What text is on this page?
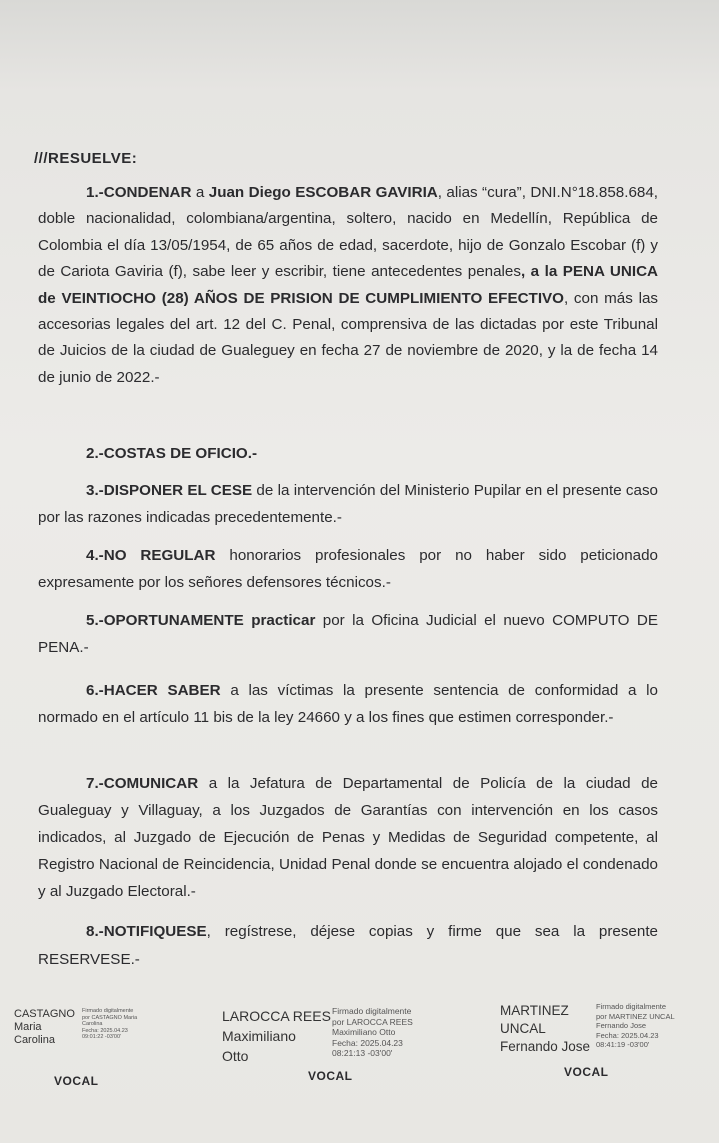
///RESUELVE:
1.-CONDENAR a Juan Diego ESCOBAR GAVIRIA, alias “cura”, DNI.N°18.858.684, doble nacionalidad, colombiana/argentina, soltero, nacido en Medellín, República de Colombia el día 13/05/1954, de 65 años de edad, sacerdote, hijo de Gonzalo Escobar (f) y de Cariota Gaviria (f), sabe leer y escribir, tiene antecedentes penales, a la PENA UNICA de VEINTIOCHO (28) AÑOS DE PRISION DE CUMPLIMIENTO EFECTIVO, con más las accesorias legales del art. 12 del C. Penal, comprensiva de las dictadas por este Tribunal de Juicios de la ciudad de Gualeguey en fecha 27 de noviembre de 2020, y la de fecha 14 de junio de 2022.-
2.-COSTAS DE OFICIO.-
3.-DISPONER EL CESE de la intervención del Ministerio Pupilar en el presente caso por las razones indicadas precedentemente.-
4.-NO REGULAR honorarios profesionales por no haber sido peticionado expresamente por los señores defensores técnicos.-
5.-OPORTUNAMENTE practicar por la Oficina Judicial el nuevo COMPUTO DE PENA.-
6.-HACER SABER a las víctimas la presente sentencia de conformidad a lo normado en el artículo 11 bis de la ley 24660 y a los fines que estimen corresponder.-
7.-COMUNICAR a la Jefatura de Departamental de Policía de la ciudad de Gualeguay y Villaguay, a los Juzgados de Garantías con intervención en los casos indicados, al Juzgado de Ejecución de Penas y Medidas de Seguridad competente, al Registro Nacional de Reincidencia, Unidad Penal donde se encuentra alojado el condenado y al Juzgado Electoral.-
8.-NOTIFIQUESE, regístrese, déjese copias y firme que sea la presente RESERVESE.-
CASTAGNO
Maria
Carolina
Firmado digitalmente
por CASTAGNO Maria
Carolina
Fecha: 2025.04.23
09:01:22 -03'00'
VOCAL
LAROCCA REES
Maximiliano
Otto
Firmado digitalmente
por LAROCCA REES
Maximiliano Otto
Fecha: 2025.04.23
08:21:13 -03'00'
VOCAL
MARTINEZ
UNCAL
Fernando Jose
Firmado digitalmente
por MARTINEZ UNCAL
Fernando Jose
Fecha: 2025.04.23
08:41:19 -03'00'
VOCAL
